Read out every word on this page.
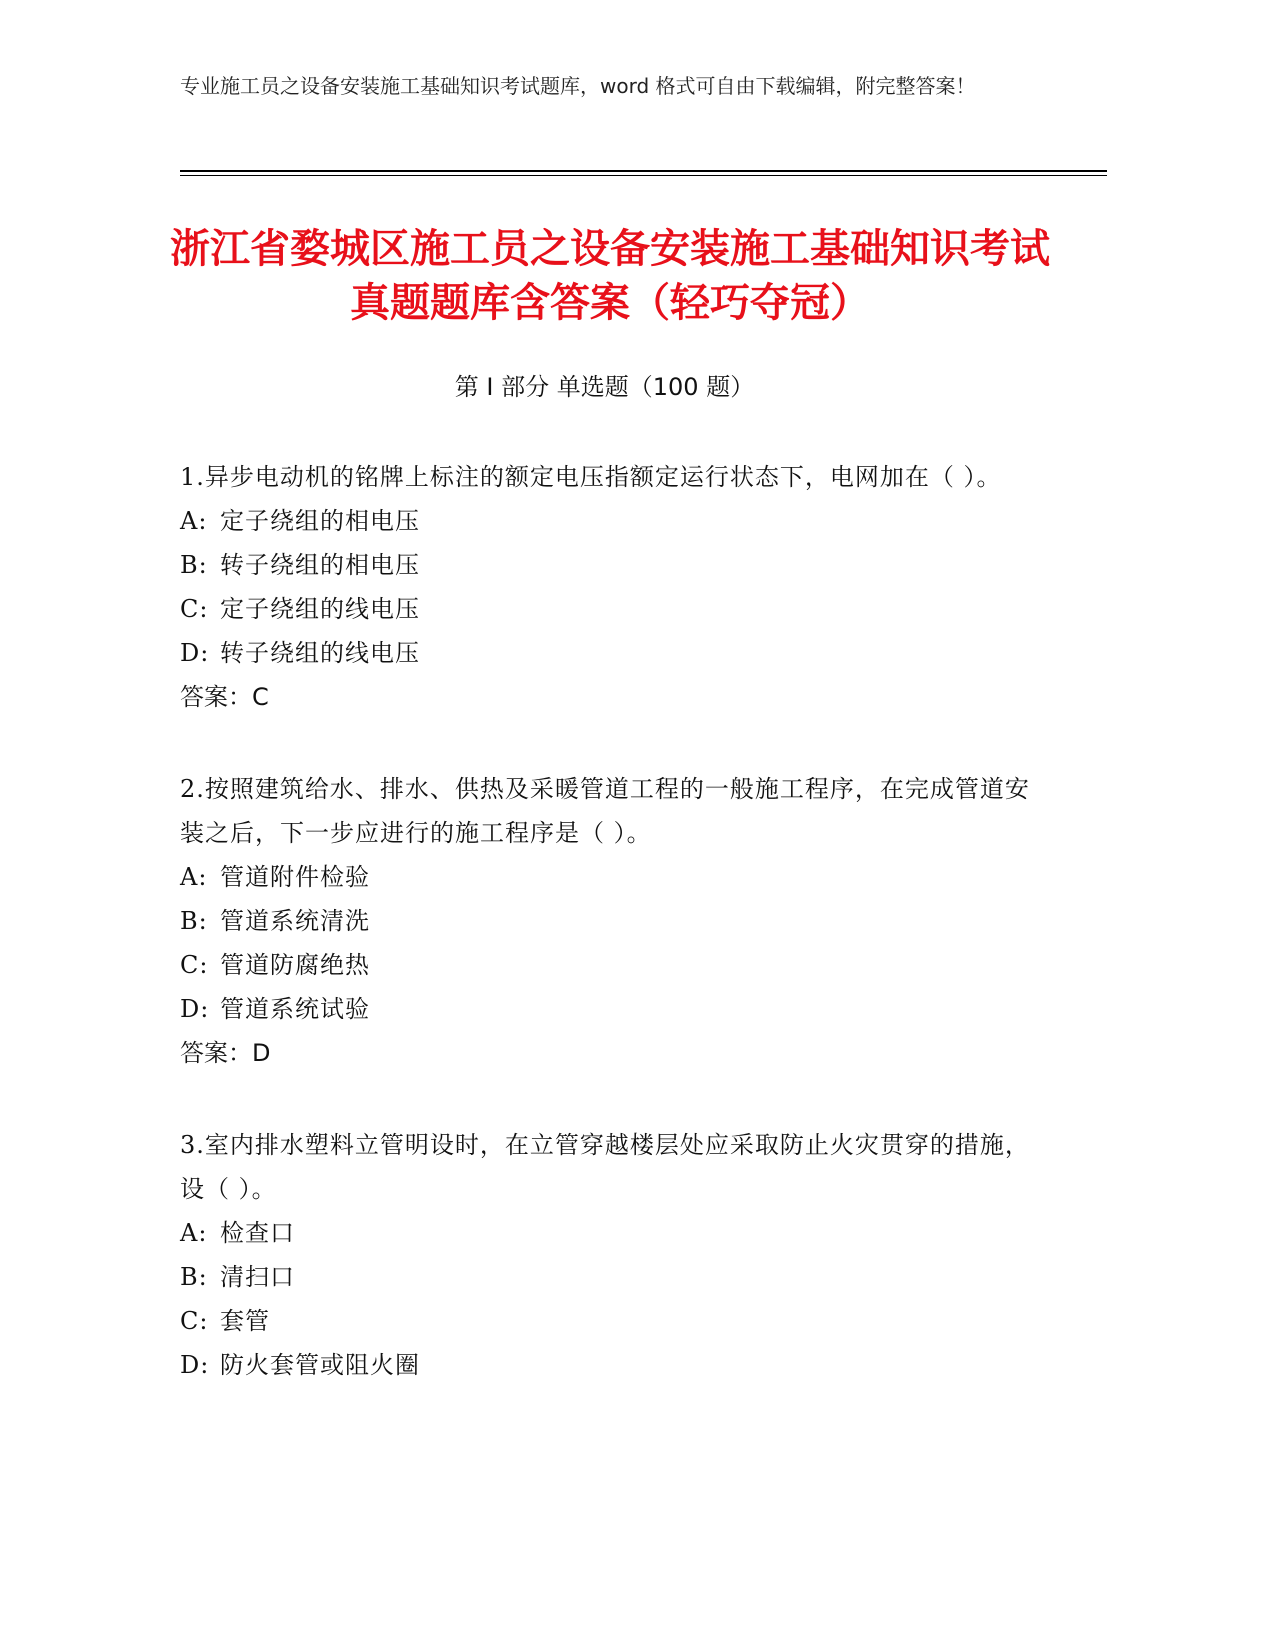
专业施工员之设备安装施工基础知识考试题库，word 格式可自由下载编辑，附完整答案！
浙江省婺城区施工员之设备安装施工基础知识考试真题题库含答案（轻巧夺冠）
第 I 部分 单选题（100 题）
1.异步电动机的铭牌上标注的额定电压指额定运行状态下，电网加在（ ）。
A: 定子绕组的相电压
B: 转子绕组的相电压
C: 定子绕组的线电压
D: 转子绕组的线电压
答案：C
2.按照建筑给水、排水、供热及采暖管道工程的一般施工程序，在完成管道安装之后，下一步应进行的施工程序是（ ）。
A: 管道附件检验
B: 管道系统清洗
C: 管道防腐绝热
D: 管道系统试验
答案：D
3.室内排水塑料立管明设时，在立管穿越楼层处应采取防止火灾贯穿的措施，设（ ）。
A: 检查口
B: 清扫口
C: 套管
D: 防火套管或阻火圈
